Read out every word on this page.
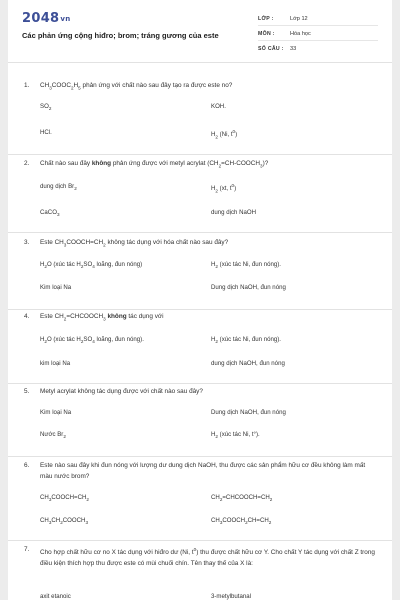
2048vn
Các phản ứng cộng hiđro; brom; tráng gương của este
LỚP :	Lớp 12
MÔN :	Hóa học
SỐ CÂU : 33
1. $CH_3COOC_2H_5$ phản ứng với chất nào sau đây tạo ra được este no?
$SO_2$	KOH.
HCl.	$H_2$ (Ni, $t^0$)
2. Chất nào sau đây không phản ứng được với metyl acrylat $(CH_2=CH-COOCH_3)$?
dung dịch $Br_2$	$H_2$ (xt, $t^0$)
CaCO$_3$	dung dịch NaOH
3. Este $CH_3COOCH=CH_2$ không tác dụng với hóa chất nào sau đây?
$H_2O$ (xúc tác $H_2SO_4$ loãng, đun nóng)	$H_2$ (xúc tác Ni, đun nóng).
Kim loại Na	Dung dịch NaOH, đun nóng
4. Este $CH_2=CHCOOCH_3$ không tác dụng với
$H_2O$ (xúc tác $H_2SO_4$ loãng, đun nóng).	$H_2$ (xúc tác Ni, đun nóng).
kim loại Na	dung dịch NaOH, đun nóng
5. Metyl acrylat không tác dụng được với chất nào sau đây?
Kim loại Na	Dung dịch NaOH, đun nóng
Nước $Br_2$	$H_2$ (xúc tác Ni, t°).
6. Este nào sau đây khi đun nóng với lượng dư dung dịch NaOH, thu được các sản phẩm hữu cơ đều không làm mất màu nước brom?
$CH_3COOCH=CH_2$	$CH_2=CHCOOCH=CH_2$
$CH_3CH_2COOCH_3$	$CH_3COOCH_2CH=CH_2$
7. Cho hợp chất hữu cơ no X tác dụng với hiđro dư (Ni, $t^0$) thu được chất hữu cơ Y. Cho chất Y tác dụng với chất Z trong điều kiện thích hợp thu được este có mùi chuối chín. Tên thay thế của X là:
axit etanoic	3-metylbutanal
